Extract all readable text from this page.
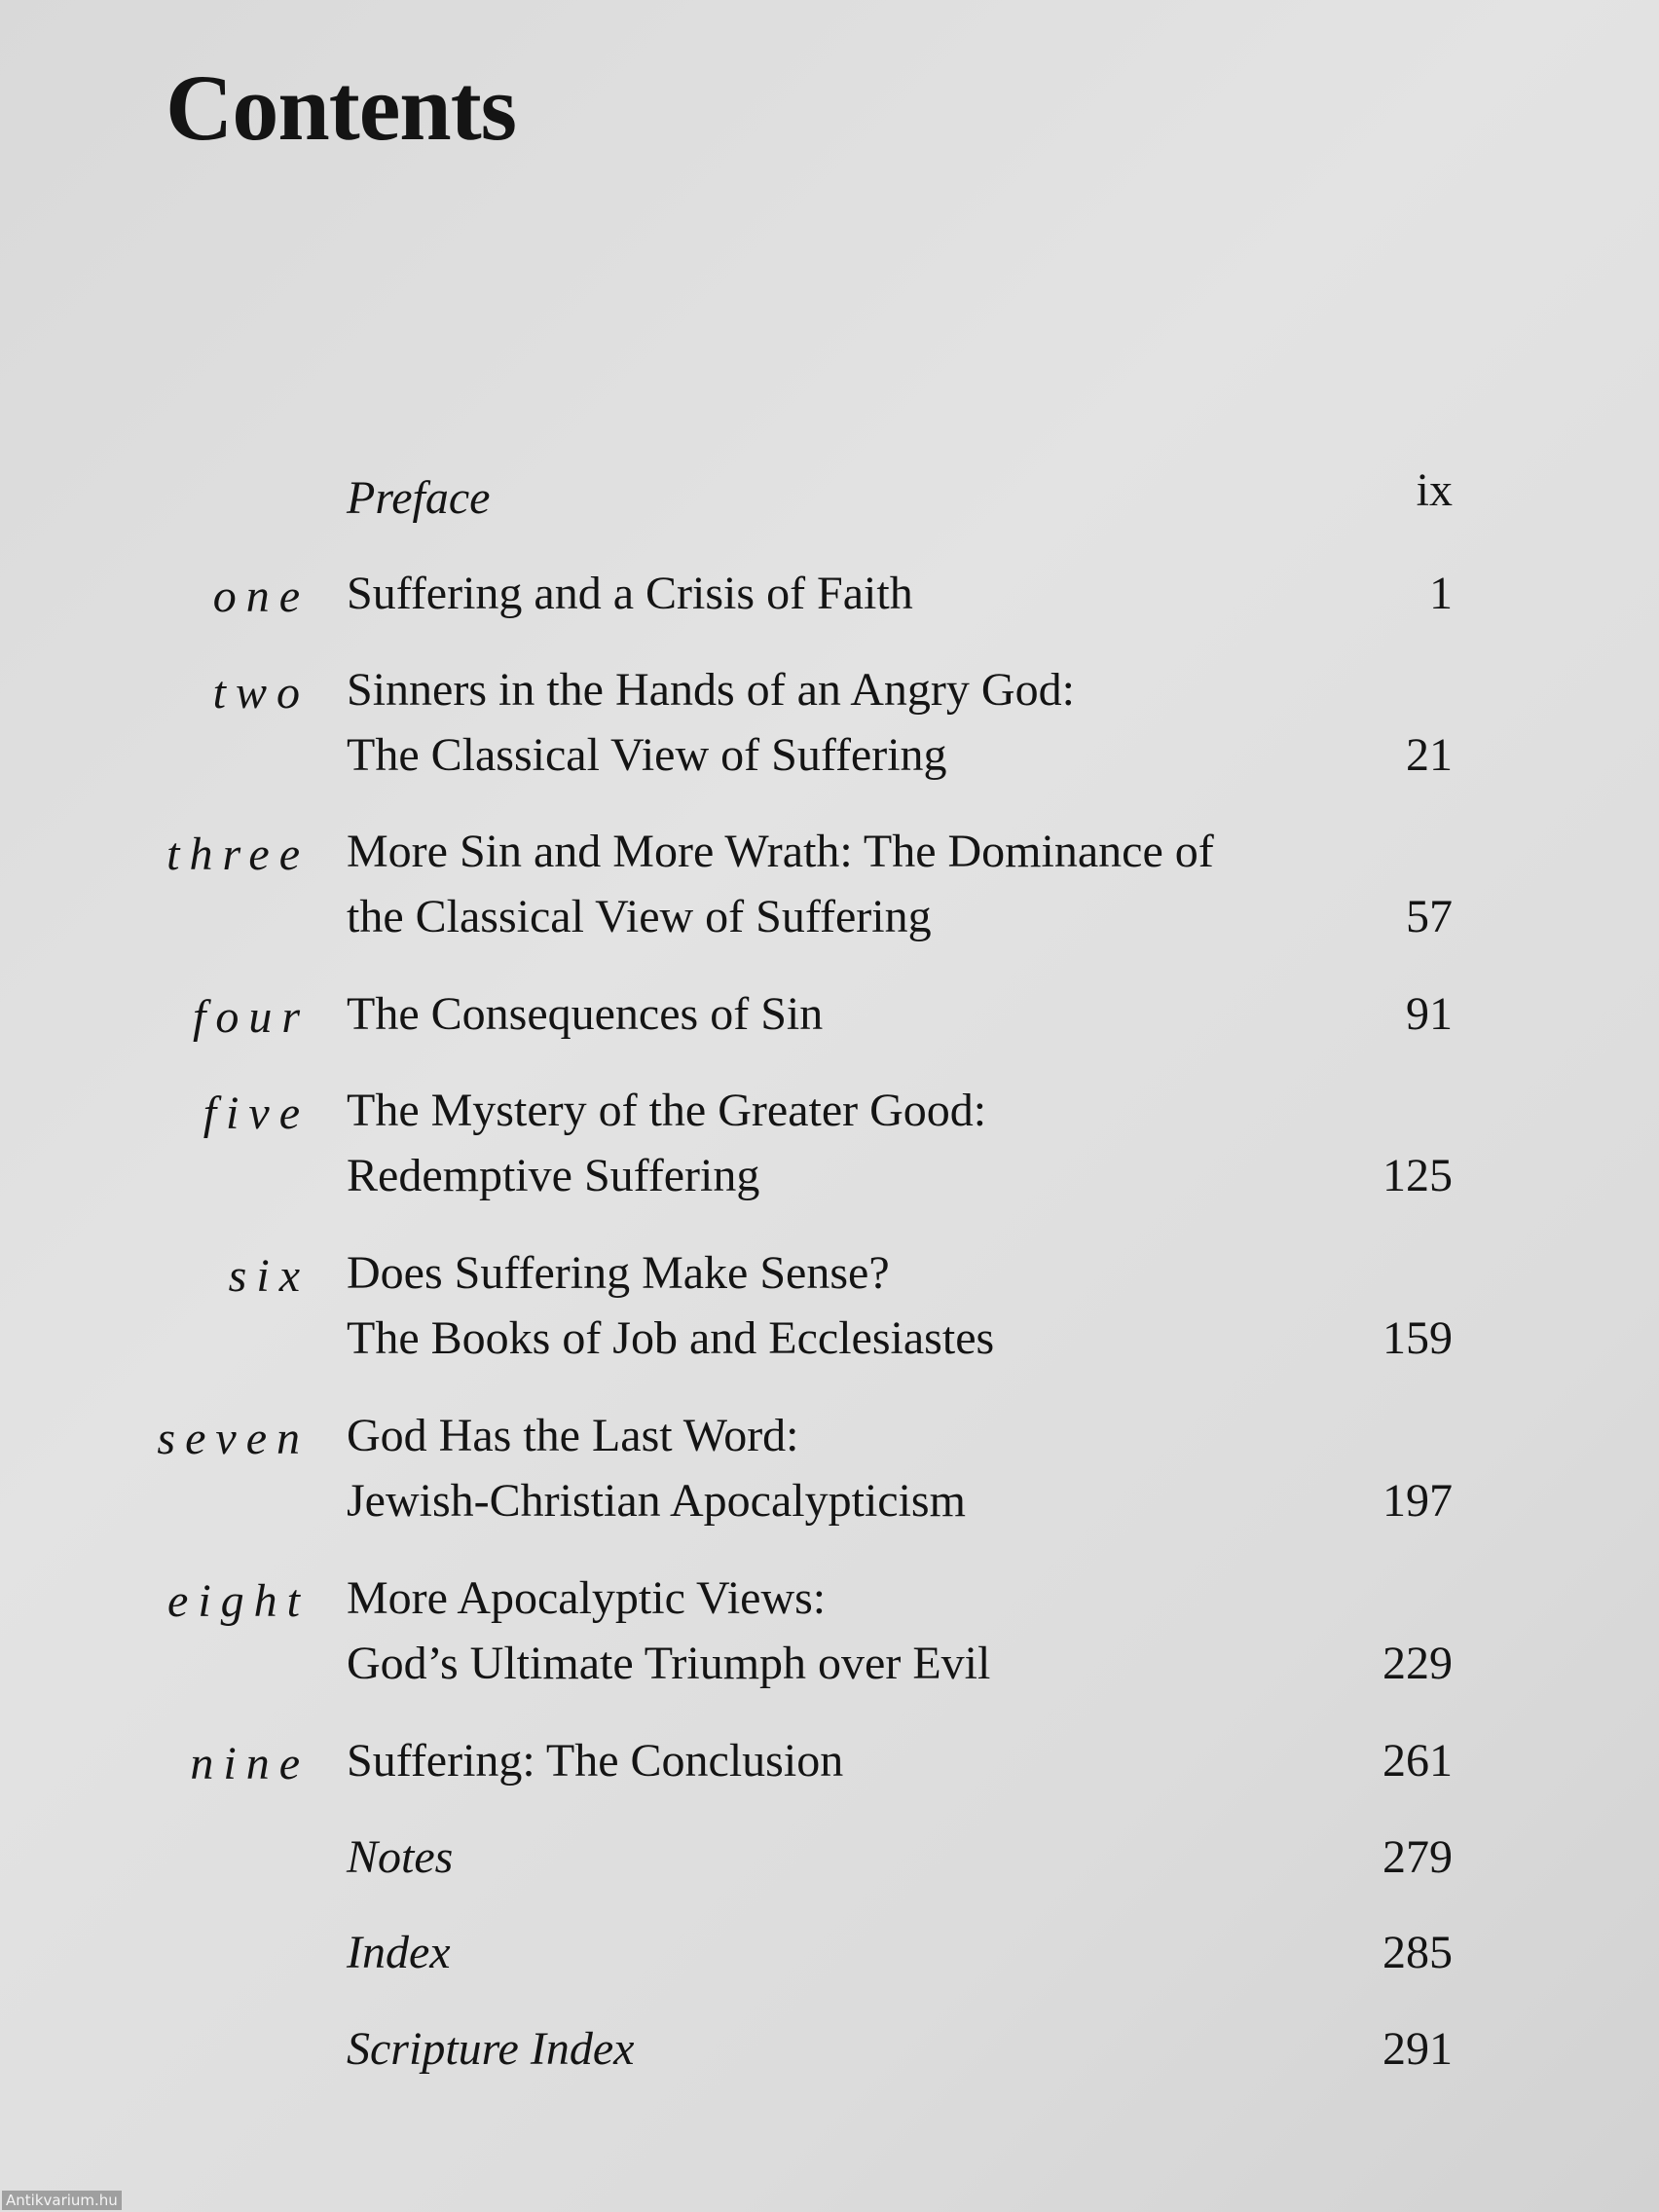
Contents
Preface	ix
one Suffering and a Crisis of Faith	1
two Sinners in the Hands of an Angry God:
The Classical View of Suffering	21
three More Sin and More Wrath: The Dominance of
the Classical View of Suffering	57
four The Consequences of Sin	91
five The Mystery of the Greater Good:
Redemptive Suffering	125
six Does Suffering Make Sense?
The Books of Job and Ecclesiastes	159
seven God Has the Last Word:
Jewish-Christian Apocalypticism	197
eight More Apocalyptic Views:
God’s Ultimate Triumph over Evil	229
nine Suffering: The Conclusion	261
Notes	279
Index	285
Scripture Index	291
Antikvarium.hu
